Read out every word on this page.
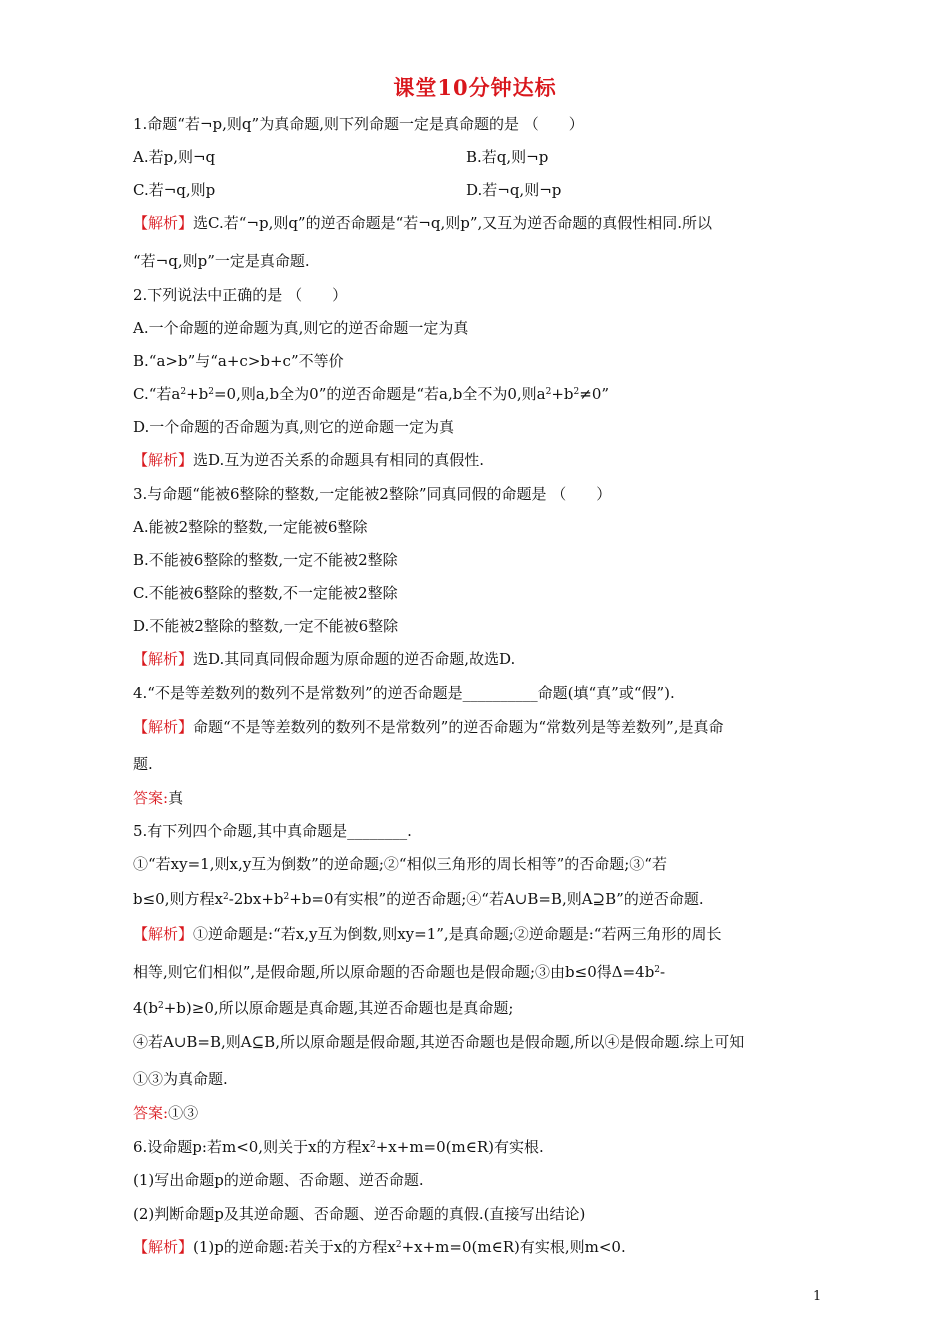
课堂10分钟达标
1.命题“若¬p,则q”为真命题,则下列命题一定是真命题的是 （　　）
A.若p,则¬q	B.若q,则¬p
C.若¬q,则p	D.若¬q,则¬p
【解析】选C.若“¬p,则q”的逆否命题是“若¬q,则p”,又互为逆否命题的真假性相同.所以
“若¬q,则p”一定是真命题.
2.下列说法中正确的是 （　　）
A.一个命题的逆命题为真,则它的逆否命题一定为真
B.“a>b”与“a+c>b+c”不等价
C.“若$a^2+b^2=0$,则a,b全为0”的逆否命题是“若a,b全不为0,则$a^2+b^2\ne 0$”
D.一个命题的否命题为真,则它的逆命题一定为真
【解析】选D.互为逆否关系的命题具有相同的真假性.
3.与命题“能被6整除的整数,一定能被2整除”同真同假的命题是 （　　）
A.能被2整除的整数,一定能被6整除
B.不能被6整除的整数,一定不能被2整除
C.不能被6整除的整数,不一定能被2整除
D.不能被2整除的整数,一定不能被6整除
【解析】选D.其同真同假命题为原命题的逆否命题,故选D.
4.“不是等差数列的数列不是常数列”的逆否命题是__________命题(填“真”或“假”).
【解析】命题“不是等差数列的数列不是常数列”的逆否命题为“常数列是等差数列”,是真命
题.
答案:真
5.有下列四个命题,其中真命题是________.
①“若xy=1,则x,y互为倒数”的逆命题;②“相似三角形的周长相等”的否命题;③“若
b≤0,则方程$x^2-2bx+b^2+b=0$有实根”的逆否命题;④“若A∪B=B,则A⊇B”的逆否命题.
【解析】①逆命题是:“若x,y互为倒数,则xy=1”,是真命题;②逆命题是:“若两三角形的周长
相等,则它们相似”,是假命题,所以原命题的否命题也是假命题;③由b≤0得$\Delta=4b^2-$
$4(b^2+b)\ge 0$,所以原命题是真命题,其逆否命题也是真命题;
④若A∪B=B,则A⊆B,所以原命题是假命题,其逆否命题也是假命题,所以④是假命题.综上可知
①③为真命题.
答案:①③
6.设命题p:若m<0,则关于x的方程$x^2+x+m=0(m\in R)$有实根.
(1)写出命题p的逆命题、否命题、逆否命题.
(2)判断命题p及其逆命题、否命题、逆否命题的真假.(直接写出结论)
【解析】(1)p的逆命题:若关于x的方程$x^2+x+m=0(m\in R)$有实根,则m<0.
1
